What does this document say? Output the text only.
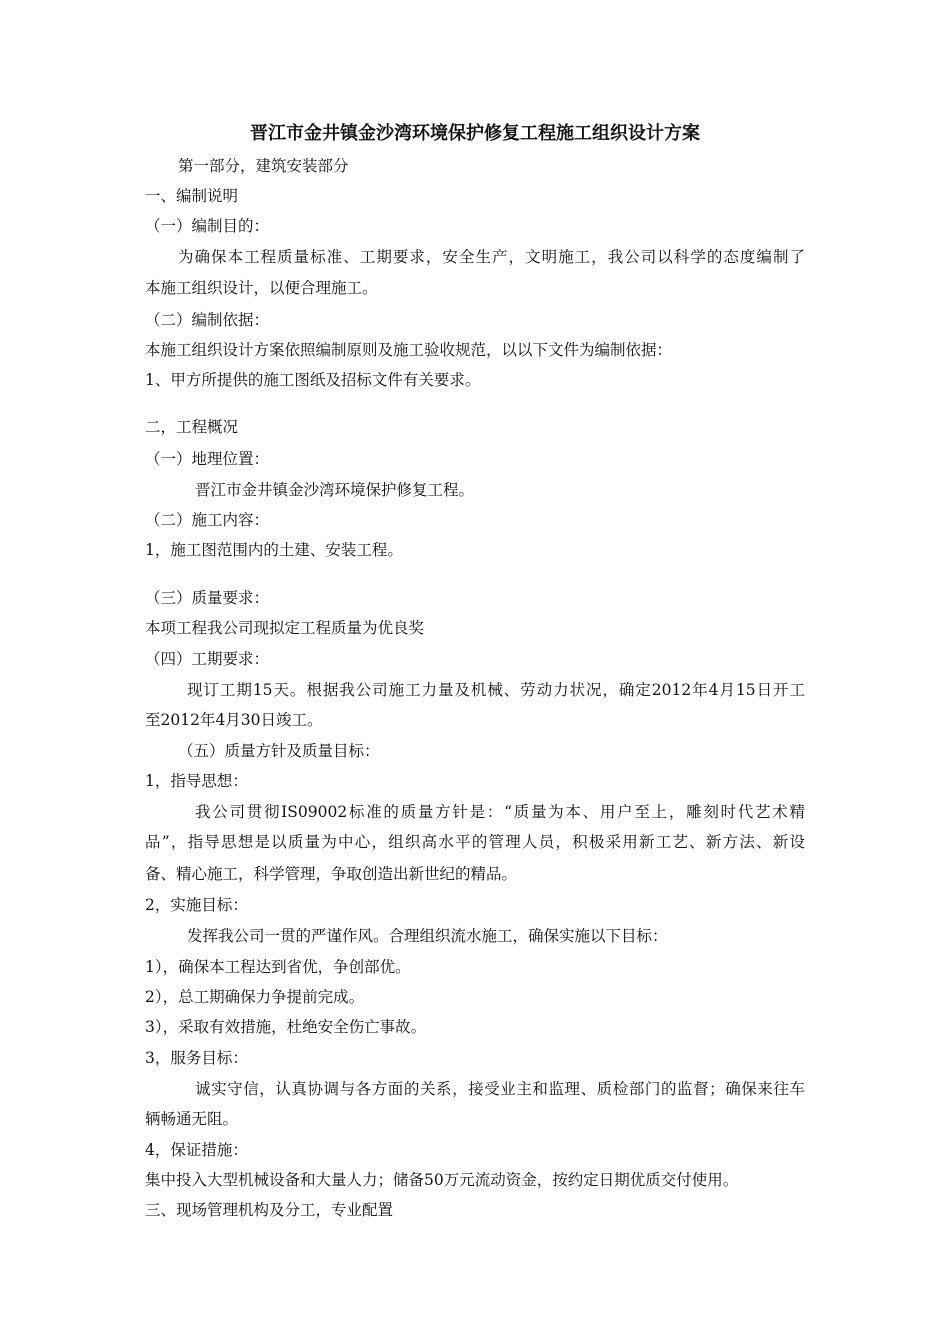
晋江市金井镇金沙湾环境保护修复工程施工组织设计方案
第一部分，建筑安装部分
一、编制说明
（一）编制目的：
为确保本工程质量标准、工期要求，安全生产，文明施工，我公司以科学的态度编制了
本施工组织设计，以便合理施工。
（二）编制依据：
本施工组织设计方案依照编制原则及施工验收规范，以以下文件为编制依据：
1、甲方所提供的施工图纸及招标文件有关要求。
二，工程概况
（一）地理位置：
晋江市金井镇金沙湾环境保护修复工程。
（二）施工内容：
1，施工图范围内的土建、安装工程。
（三）质量要求：
本项工程我公司现拟定工程质量为优良奖
（四）工期要求：
现订工期15天。根据我公司施工力量及机械、劳动力状况，确定2012年4月15日开工
至2012年4月30日竣工。
（五）质量方针及质量目标：
1，指导思想：
我公司贯彻IS09002标准的质量方针是：“质量为本、用户至上，雕刻时代艺术精
品”，指导思想是以质量为中心，组织高水平的管理人员，积极采用新工艺、新方法、新设
备、精心施工，科学管理，争取创造出新世纪的精品。
2，实施目标：
发挥我公司一贯的严谨作风。合理组织流水施工，确保实施以下目标：
1），确保本工程达到省优，争创部优。
2），总工期确保力争提前完成。
3），采取有效措施，杜绝安全伤亡事故。
3，服务目标：
诚实守信，认真协调与各方面的关系，接受业主和监理、质检部门的监督；确保来往车
辆畅通无阻。
4，保证措施：
集中投入大型机械设备和大量人力；储备50万元流动资金，按约定日期优质交付使用。
三、现场管理机构及分工，专业配置
